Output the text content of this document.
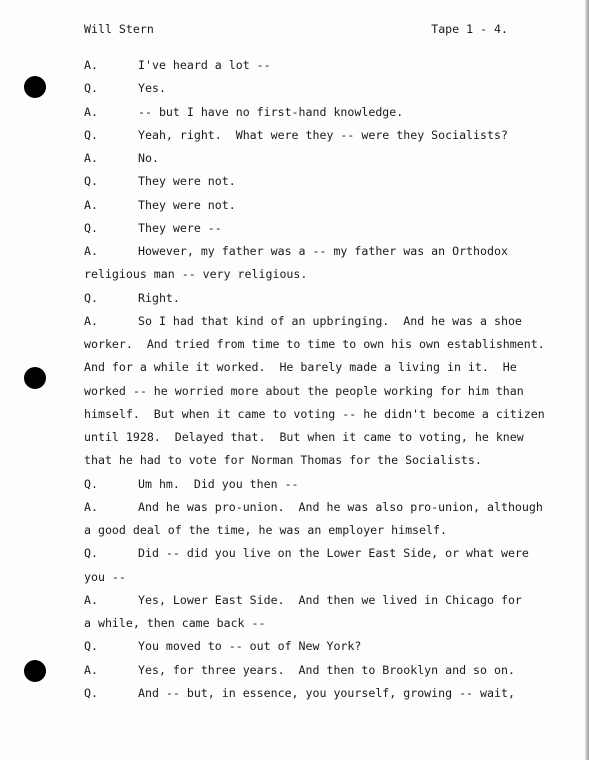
Will Stern	Tape 1 - 4.
A.	I've heard a lot --
Q.	Yes.
A.	-- but I have no first-hand knowledge.
Q.	Yeah, right.  What were they -- were they Socialists?
A.	No.
Q.	They were not.
A.	They were not.
Q.	They were --
A.	However, my father was a -- my father was an Orthodox
religious man -- very religious.
Q.	Right.
A.	So I had that kind of an upbringing.  And he was a shoe
worker.  And tried from time to time to own his own establishment.
And for a while it worked.  He barely made a living in it.  He
worked -- he worried more about the people working for him than
himself.  But when it came to voting -- he didn't become a citizen
until 1928.  Delayed that.  But when it came to voting, he knew
that he had to vote for Norman Thomas for the Socialists.
Q.	Um hm.  Did you then --
A.	And he was pro-union.  And he was also pro-union, although
a good deal of the time, he was an employer himself.
Q.	Did -- did you live on the Lower East Side, or what were
you --
A.	Yes, Lower East Side.  And then we lived in Chicago for
a while, then came back --
Q.	You moved to -- out of New York?
A.	Yes, for three years.  And then to Brooklyn and so on.
Q.	And -- but, in essence, you yourself, growing -- wait,
